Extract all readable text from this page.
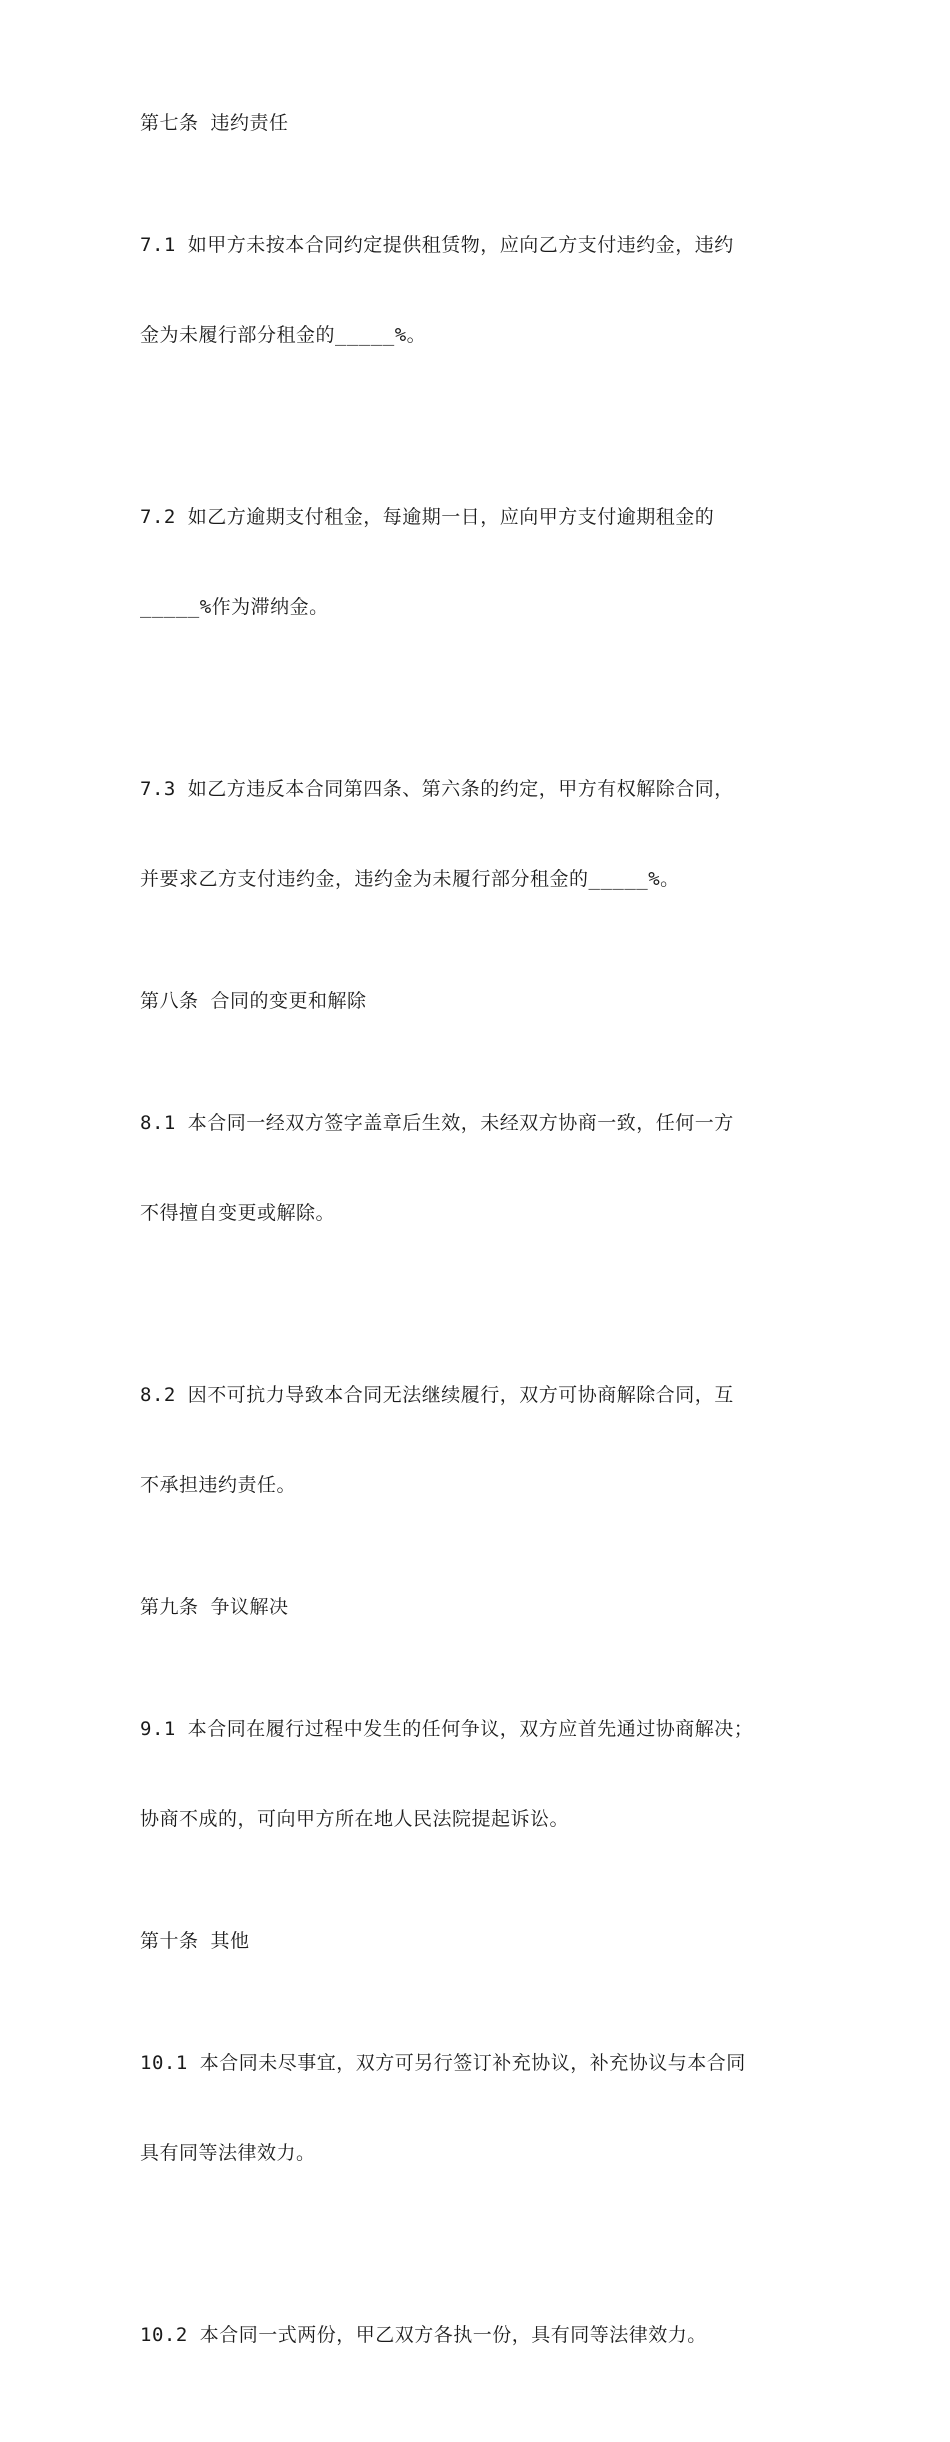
第七条 违约责任

7.1 如甲方未按本合同约定提供租赁物，应向乙方支付违约金，违约

金为未履行部分租金的_____%。

7.2 如乙方逾期支付租金，每逾期一日，应向甲方支付逾期租金的

_____%作为滞纳金。

7.3 如乙方违反本合同第四条、第六条的约定，甲方有权解除合同，

并要求乙方支付违约金，违约金为未履行部分租金的_____%。

第八条 合同的变更和解除

8.1 本合同一经双方签字盖章后生效，未经双方协商一致，任何一方

不得擅自变更或解除。

8.2 因不可抗力导致本合同无法继续履行，双方可协商解除合同，互

不承担违约责任。

第九条 争议解决

9.1 本合同在履行过程中发生的任何争议，双方应首先通过协商解决；

协商不成的，可向甲方所在地人民法院提起诉讼。

第十条 其他

10.1 本合同未尽事宜，双方可另行签订补充协议，补充协议与本合同

具有同等法律效力。

10.2 本合同一式两份，甲乙双方各执一份，具有同等法律效力。
